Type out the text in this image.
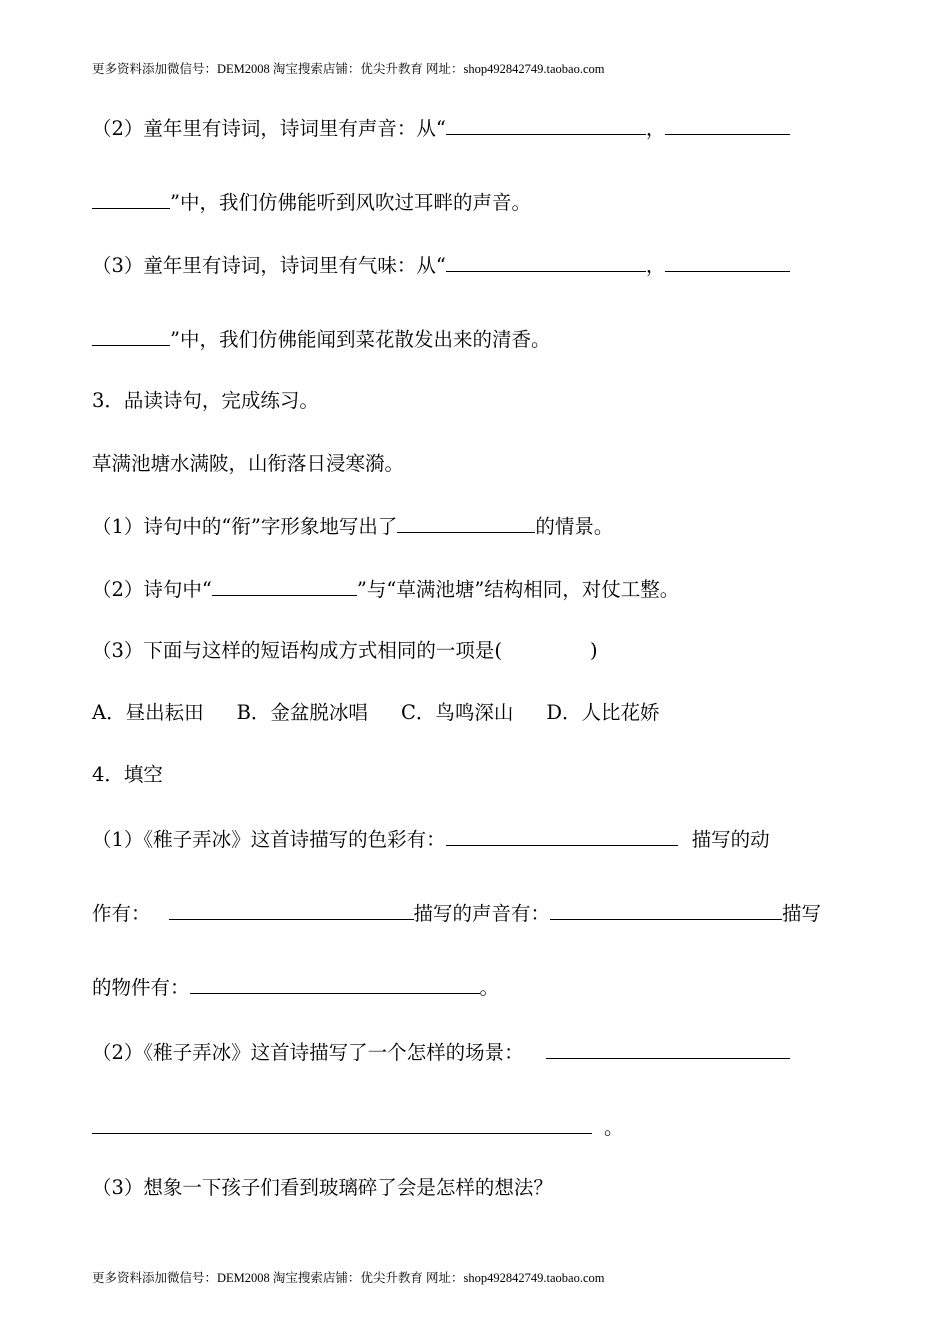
更多资料添加微信号：DEM2008 淘宝搜索店铺：优尖升教育 网址：shop492842749.taobao.com
（2）童年里有诗词，诗词里有声音：从“	，
”中，我们仿佛能听到风吹过耳畔的声音。
（3）童年里有诗词，诗词里有气味：从“	，
”中，我们仿佛能闻到菜花散发出来的清香。
3．品读诗句，完成练习。
草满池塘水满陂，山衔落日浸寒漪。
（1）诗句中的“衔”字形象地写出了	的情景。
（2）诗句中“	”与“草满池塘”结构相同，对仗工整。
（3）下面与这样的短语构成方式相同的一项是(	)
A．昼出耘田 B．金盆脱冰唱 C．鸟鸣深山 D．人比花娇
4．填空
（1）《稚子弄冰》这首诗描写的色彩有：	描写的动
作有：	描写的声音有：	描写
的物件有：	。
（2）《稚子弄冰》这首诗描写了一个怎样的场景：
。
（3）想象一下孩子们看到玻璃碎了会是怎样的想法？
更多资料添加微信号：DEM2008 淘宝搜索店铺：优尖升教育 网址：shop492842749.taobao.com
